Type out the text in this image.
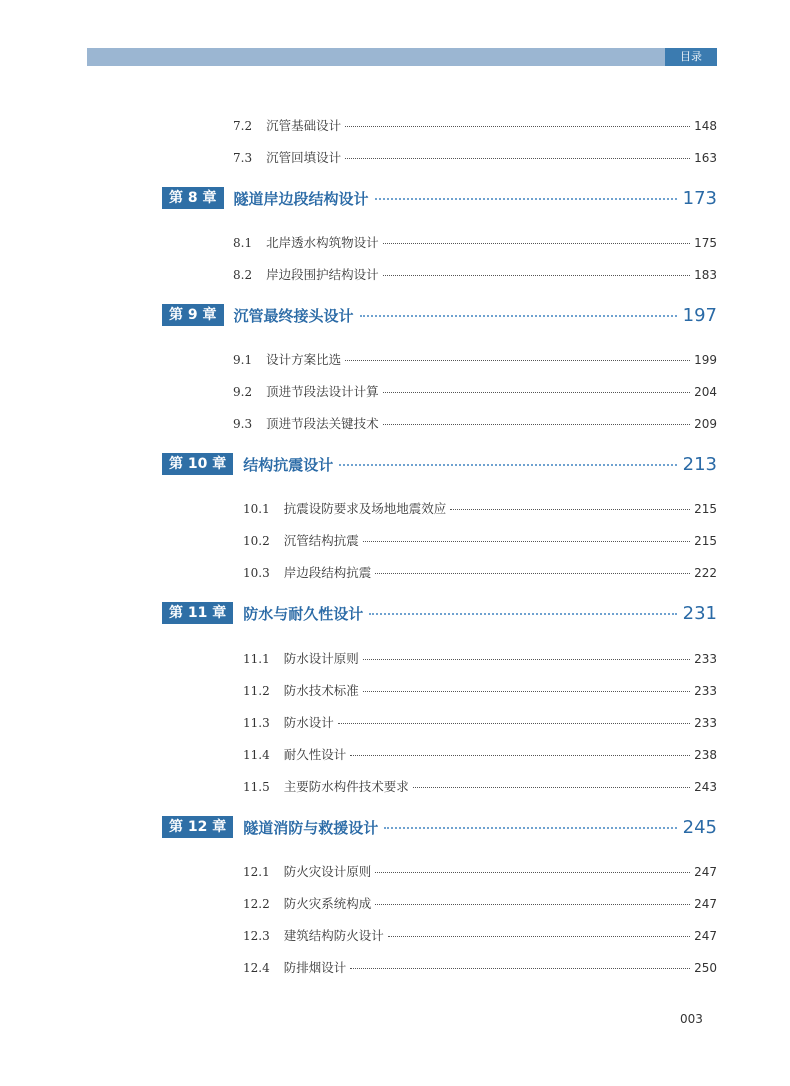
目录
7.2 沉管基础设计	148
7.3 沉管回填设计	163
第 8 章	隧道岸边段结构设计	173
8.1 北岸透水构筑物设计	175
8.2 岸边段围护结构设计	183
第 9 章	沉管最终接头设计	197
9.1 设计方案比选	199
9.2 顶进节段法设计计算	204
9.3 顶进节段法关键技术	209
第 10 章	结构抗震设计	213
10.1 抗震设防要求及场地地震效应	215
10.2 沉管结构抗震	215
10.3 岸边段结构抗震	222
第 11 章	防水与耐久性设计	231
11.1 防水设计原则	233
11.2 防水技术标准	233
11.3 防水设计	233
11.4 耐久性设计	238
11.5 主要防水构件技术要求	243
第 12 章	隧道消防与救援设计	245
12.1 防火灾设计原则	247
12.2 防火灾系统构成	247
12.3 建筑结构防火设计	247
12.4 防排烟设计	250
003
